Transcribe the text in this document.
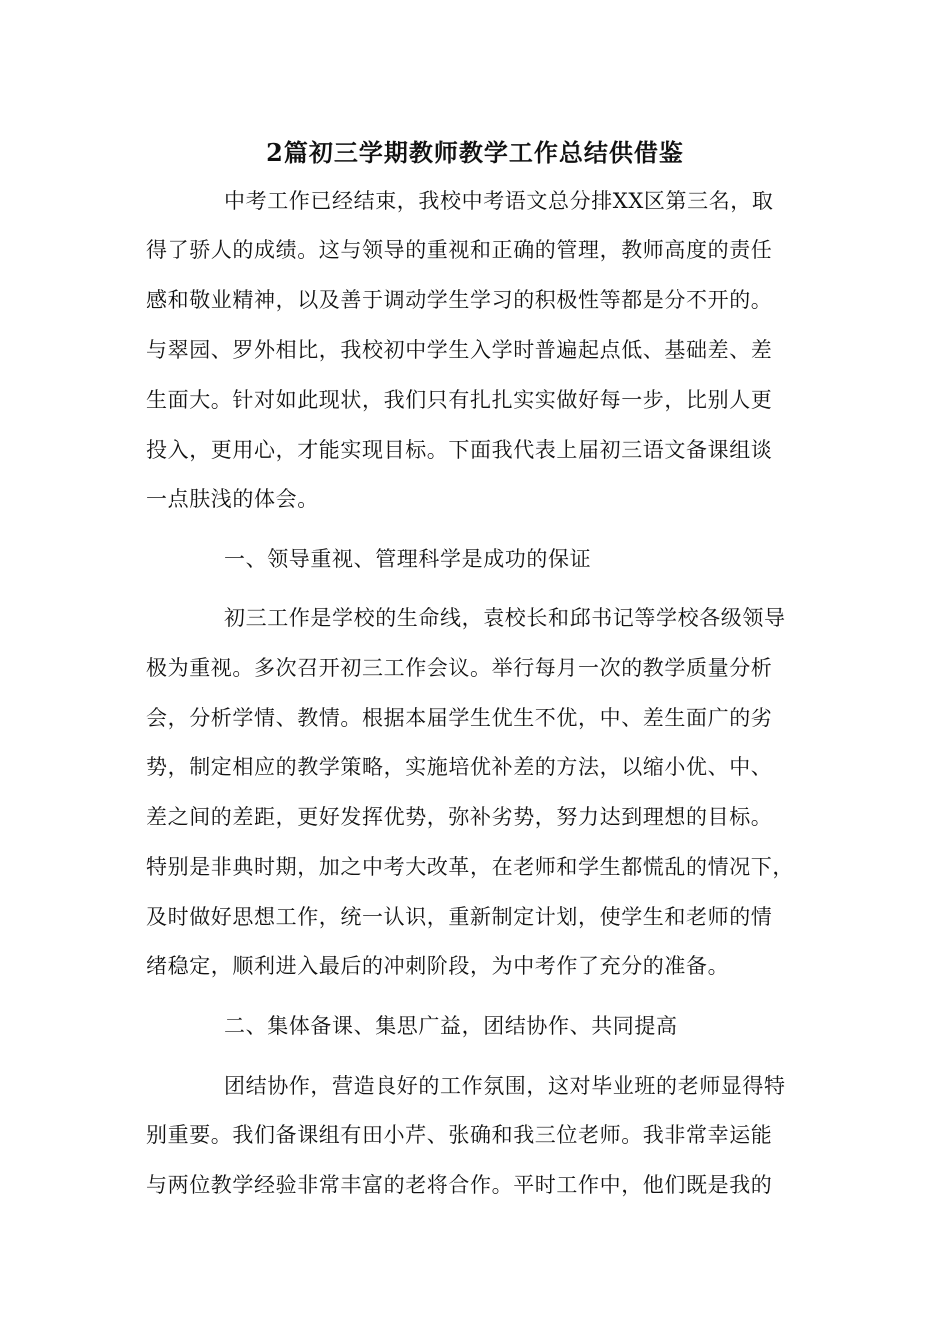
2篇初三学期教师教学工作总结供借鉴

中考工作已经结束，我校中考语文总分排XX区第三名，取

得了骄人的成绩。这与领导的重视和正确的管理，教师高度的责任

感和敬业精神，以及善于调动学生学习的积极性等都是分不开的。

与翠园、罗外相比，我校初中学生入学时普遍起点低、基础差、差

生面大。针对如此现状，我们只有扎扎实实做好每一步，比别人更

投入，更用心，才能实现目标。下面我代表上届初三语文备课组谈

一点肤浅的体会。

一、领导重视、管理科学是成功的保证

初三工作是学校的生命线，袁校长和邱书记等学校各级领导

极为重视。多次召开初三工作会议。举行每月一次的教学质量分析

会，分析学情、教情。根据本届学生优生不优，中、差生面广的劣

势，制定相应的教学策略，实施培优补差的方法，以缩小优、中、

差之间的差距，更好发挥优势，弥补劣势，努力达到理想的目标。

特别是非典时期，加之中考大改革，在老师和学生都慌乱的情况下，

及时做好思想工作，统一认识，重新制定计划，使学生和老师的情

绪稳定，顺利进入最后的冲刺阶段，为中考作了充分的准备。

二、集体备课、集思广益，团结协作、共同提高

团结协作，营造良好的工作氛围，这对毕业班的老师显得特

别重要。我们备课组有田小芹、张确和我三位老师。我非常幸运能

与两位教学经验非常丰富的老将合作。平时工作中，他们既是我的
